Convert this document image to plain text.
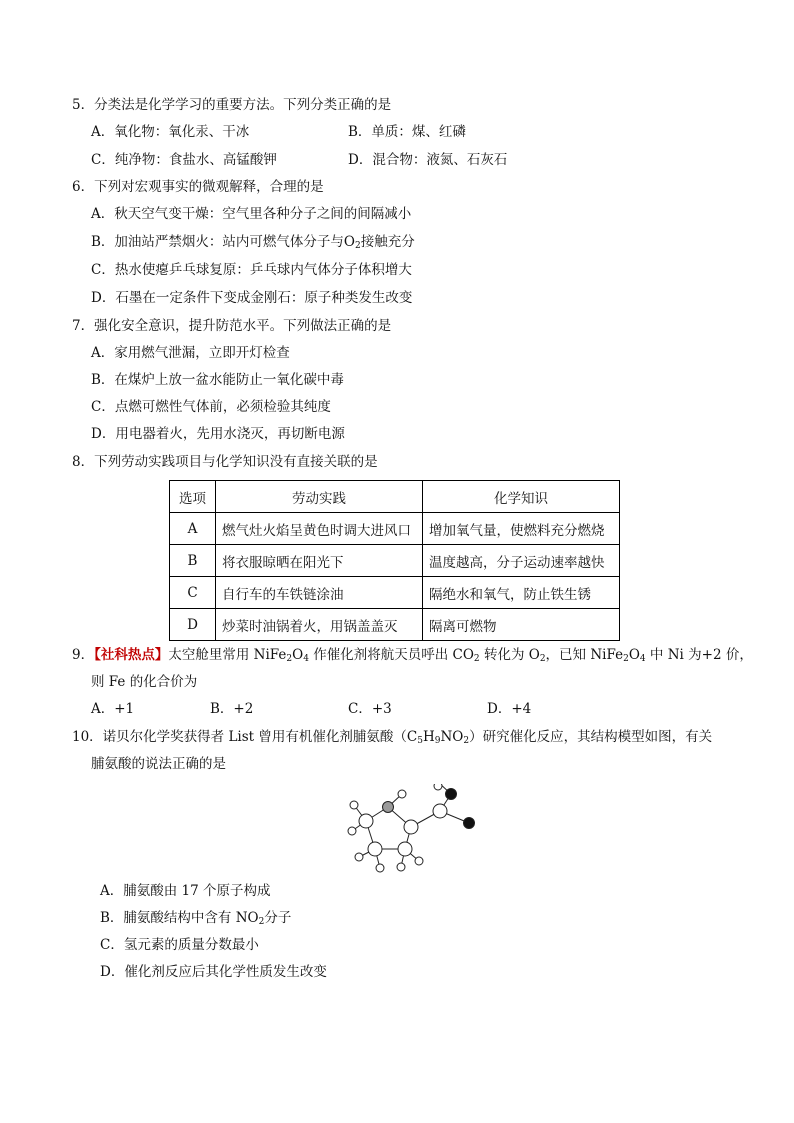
5．分类法是化学学习的重要方法。下列分类正确的是
A．氧化物：氧化汞、干冰	B．单质：煤、红磷
C．纯净物：食盐水、高锰酸钾	D．混合物：液氮、石灰石
6．下列对宏观事实的微观解释，合理的是
A．秋天空气变干燥：空气里各种分子之间的间隔减小
B．加油站严禁烟火：站内可燃气体分子与$O_2$接触充分
C．热水使瘪乒乓球复原：乒乓球内气体分子体积增大
D．石墨在一定条件下变成金刚石：原子种类发生改变
7．强化安全意识，提升防范水平。下列做法正确的是
A．家用燃气泄漏，立即开灯检查
B．在煤炉上放一盆水能防止一氧化碳中毒
C．点燃可燃性气体前，必须检验其纯度
D．用电器着火，先用水浇灭，再切断电源
8．下列劳动实践项目与化学知识没有直接关联的是
选项	劳动实践	化学知识
A	燃气灶火焰呈黄色时调大进风口	增加氧气量，使燃料充分燃烧
B	将衣服晾晒在阳光下	温度越高，分子运动速率越快
C	自行车的车铁链涂油	隔绝水和氧气，防止铁生锈
D	炒菜时油锅着火，用锅盖盖灭	隔离可燃物
9．【社科热点】太空舱里常用 $NiFe_2O_4$ 作催化剂将航天员呼出 $CO_2$ 转化为 $O_2$，已知 $NiFe_2O_4$ 中 Ni 为+2 价，
则 Fe 的化合价为
A．+1	B．+2	C．+3	D．+4
10．诺贝尔化学奖获得者 List 曾用有机催化剂脯氨酸$(C_5H_9NO_2)$研究催化反应，其结构模型如图，有关
脯氨酸的说法正确的是
A．脯氨酸由 17 个原子构成
B．脯氨酸结构中含有 $NO_2$分子
C．氢元素的质量分数最小
D．催化剂反应后其化学性质发生改变
